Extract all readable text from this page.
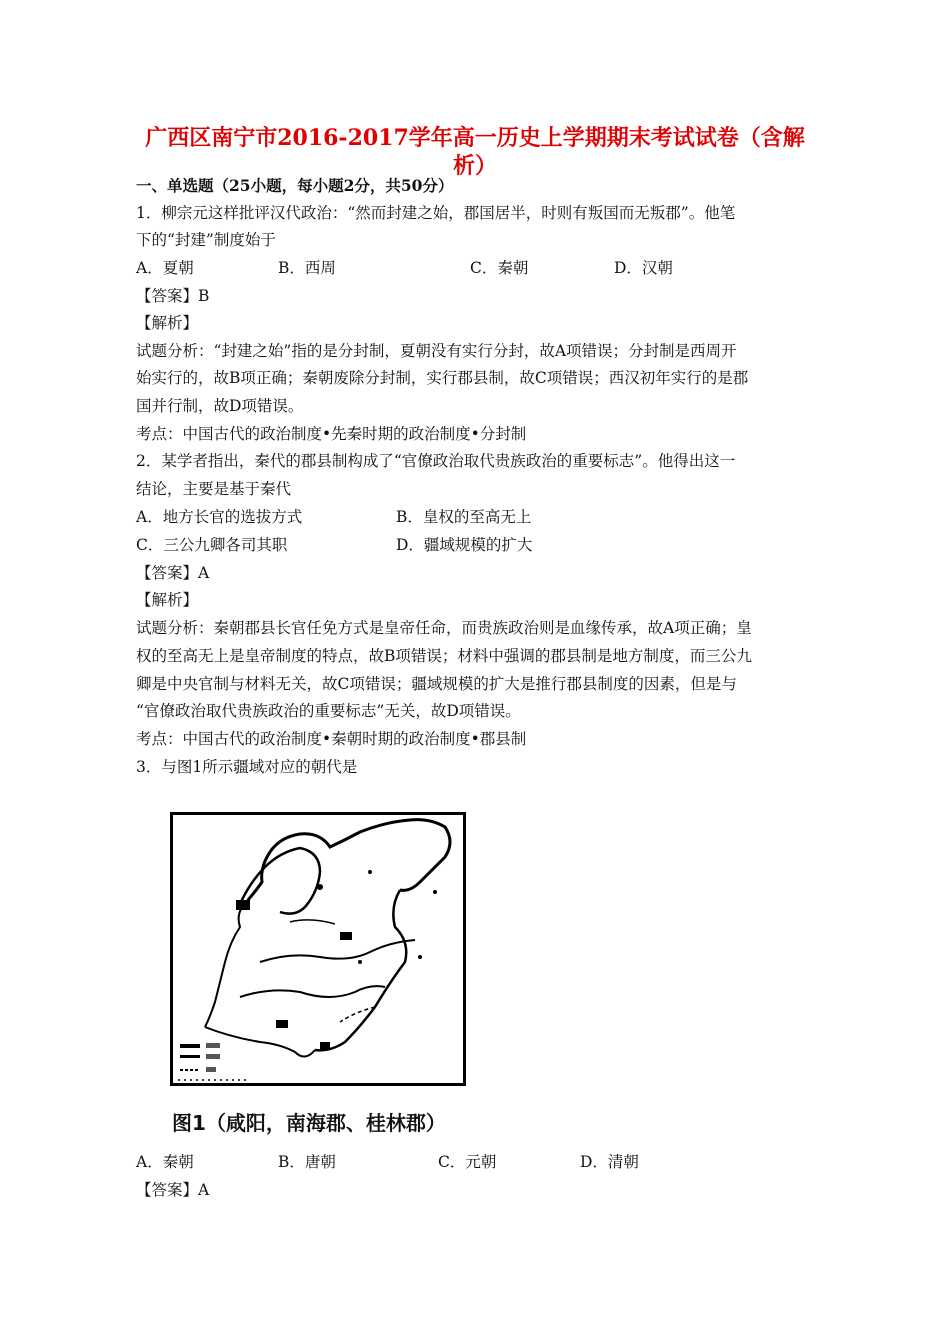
广西区南宁市2016-2017学年高一历史上学期期末考试试卷（含解析）
一、单选题（25小题，每小题2分，共50分）
1．柳宗元这样批评汉代政治：“然而封建之始，郡国居半，时则有叛国而无叛郡”。他笔
下的“封建”制度始于
A．夏朝	B．西周	C．秦朝	D．汉朝
【答案】B
【解析】
试题分析：“封建之始”指的是分封制，夏朝没有实行分封，故A项错误；分封制是西周开
始实行的，故B项正确；秦朝废除分封制，实行郡县制，故C项错误；西汉初年实行的是郡
国并行制，故D项错误。
考点：中国古代的政治制度•先秦时期的政治制度•分封制
2．某学者指出，秦代的郡县制构成了“官僚政治取代贵族政治的重要标志”。他得出这一
结论，主要是基于秦代
A．地方长官的选拔方式	B．皇权的至高无上
C．三公九卿各司其职	D．疆域规模的扩大
【答案】A
【解析】
试题分析：秦朝郡县长官任免方式是皇帝任命，而贵族政治则是血缘传承，故A项正确；皇
权的至高无上是皇帝制度的特点，故B项错误；材料中强调的郡县制是地方制度，而三公九
卿是中央官制与材料无关，故C项错误；疆域规模的扩大是推行郡县制度的因素，但是与
“官僚政治取代贵族政治的重要标志”无关，故D项错误。
考点：中国古代的政治制度•秦朝时期的政治制度•郡县制
3．与图1所示疆域对应的朝代是
图1（咸阳，南海郡、桂林郡）
A．秦朝	B．唐朝	C．元朝	D．清朝
【答案】A
